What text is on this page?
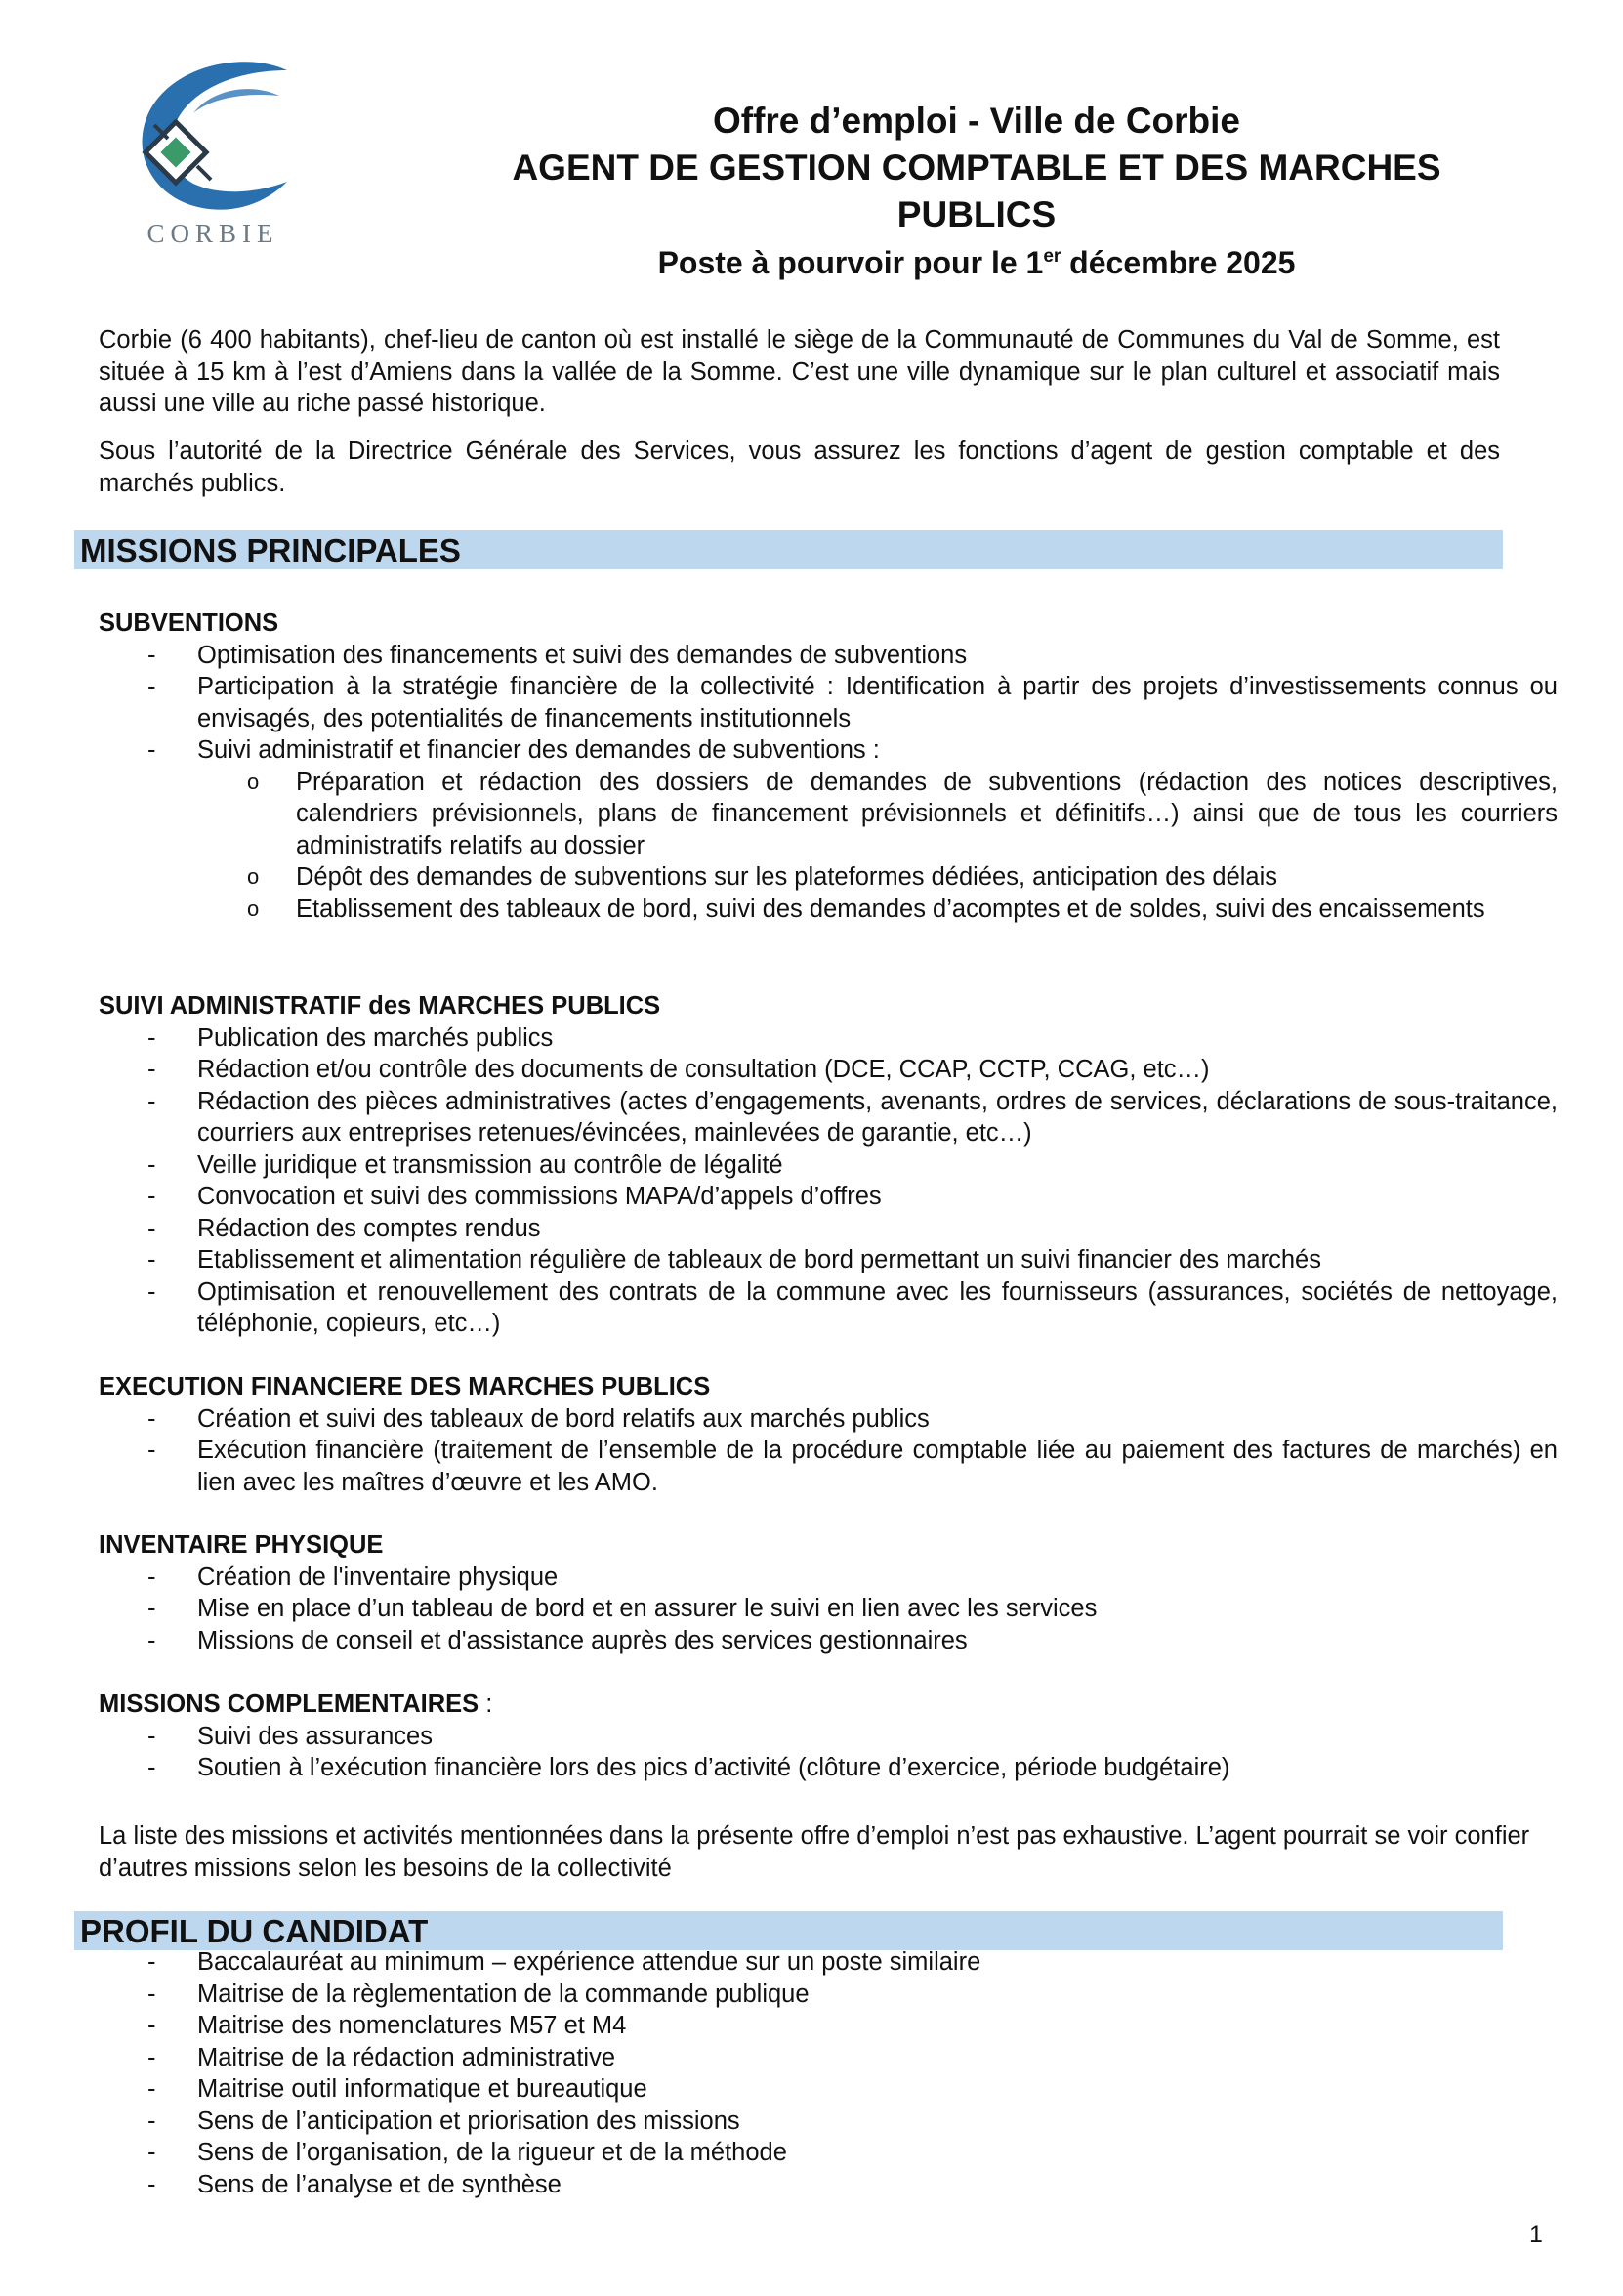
CORBIE
Offre d’emploi - Ville de Corbie
AGENT DE GESTION COMPTABLE ET DES MARCHES
PUBLICS
Poste à pourvoir pour le 1er décembre 2025
Corbie (6 400 habitants), chef-lieu de canton où est installé le siège de la Communauté de Communes du Val de Somme, est située à 15 km à l’est d’Amiens dans la vallée de la Somme. C’est une ville dynamique sur le plan culturel et associatif mais aussi une ville au riche passé historique.
Sous l’autorité de la Directrice Générale des Services, vous assurez les fonctions d’agent de gestion comptable et des marchés publics.
MISSIONS PRINCIPALES
SUBVENTIONS
- Optimisation des financements et suivi des demandes de subventions
- Participation à la stratégie financière de la collectivité : Identification à partir des projets d’investissements connus ou envisagés, des potentialités de financements institutionnels
- Suivi administratif et financier des demandes de subventions :
o Préparation et rédaction des dossiers de demandes de subventions (rédaction des notices descriptives, calendriers prévisionnels, plans de financement prévisionnels et définitifs…) ainsi que de tous les courriers administratifs relatifs au dossier
o Dépôt des demandes de subventions sur les plateformes dédiées, anticipation des délais
o Etablissement des tableaux de bord, suivi des demandes d’acomptes et de soldes, suivi des encaissements
SUIVI ADMINISTRATIF des MARCHES PUBLICS
- Publication des marchés publics
- Rédaction et/ou contrôle des documents de consultation (DCE, CCAP, CCTP, CCAG, etc…)
- Rédaction des pièces administratives (actes d’engagements, avenants, ordres de services, déclarations de sous-traitance, courriers aux entreprises retenues/évincées, mainlevées de garantie, etc…)
- Veille juridique et transmission au contrôle de légalité
- Convocation et suivi des commissions MAPA/d’appels d’offres
- Rédaction des comptes rendus
- Etablissement et alimentation régulière de tableaux de bord permettant un suivi financier des marchés
- Optimisation et renouvellement des contrats de la commune avec les fournisseurs (assurances, sociétés de nettoyage, téléphonie, copieurs, etc…)
EXECUTION FINANCIERE DES MARCHES PUBLICS
- Création et suivi des tableaux de bord relatifs aux marchés publics
- Exécution financière (traitement de l’ensemble de la procédure comptable liée au paiement des factures de marchés) en lien avec les maîtres d’œuvre et les AMO.
INVENTAIRE PHYSIQUE
- Création de l'inventaire physique
- Mise en place d’un tableau de bord et en assurer le suivi en lien avec les services
- Missions de conseil et d'assistance auprès des services gestionnaires
MISSIONS COMPLEMENTAIRES :
- Suivi des assurances
- Soutien à l’exécution financière lors des pics d’activité (clôture d’exercice, période budgétaire)
La liste des missions et activités mentionnées dans la présente offre d’emploi n’est pas exhaustive. L’agent pourrait se voir confier d’autres missions selon les besoins de la collectivité
PROFIL DU CANDIDAT
- Baccalauréat au minimum – expérience attendue sur un poste similaire
- Maitrise de la règlementation de la commande publique
- Maitrise des nomenclatures M57 et M4
- Maitrise de la rédaction administrative
- Maitrise outil informatique et bureautique
- Sens de l’anticipation et priorisation des missions
- Sens de l’organisation, de la rigueur et de la méthode
- Sens de l’analyse et de synthèse
1
